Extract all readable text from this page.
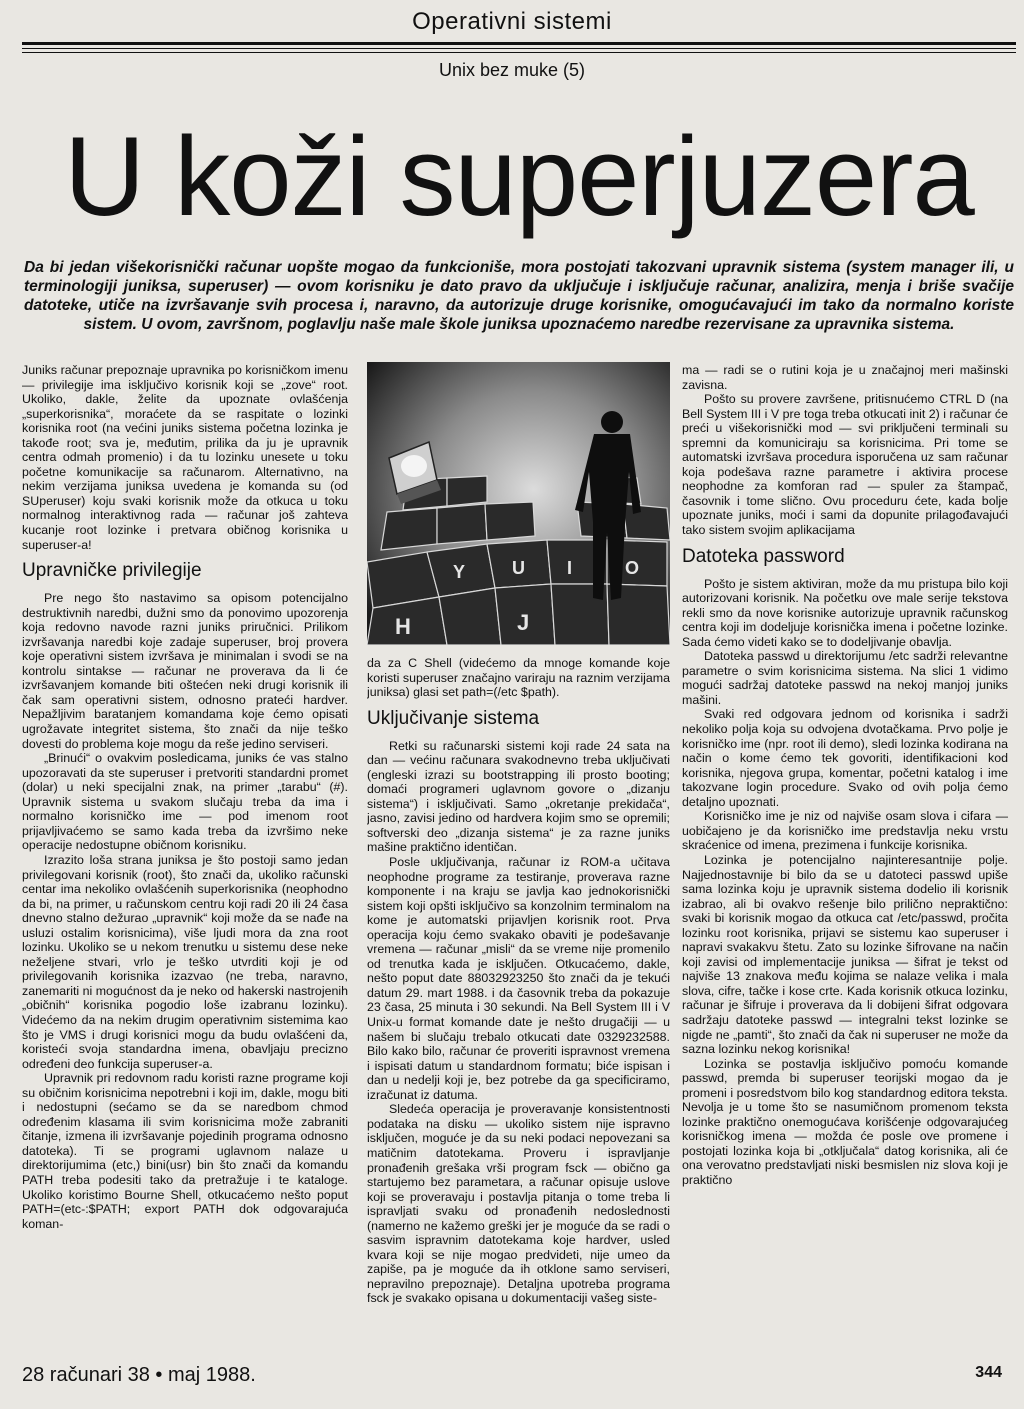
Operativni sistemi
Unix bez muke (5)
U koži superjuzera
Da bi jedan višekorisnički računar uopšte mogao da funkcioniše, mora postojati takozvani upravnik sistema (system manager ili, u terminologiji juniksa, superuser) — ovom korisniku je dato pravo da uključuje i isključuje računar, analizira, menja i briše svačije datoteke, utiče na izvršavanje svih procesa i, naravno, da autorizuje druge korisnike, omogućavajući im tako da normalno koriste sistem. U ovom, završnom, poglavlju naše male škole juniksa upoznaćemo naredbe rezervisane za upravnika sistema.

Juniks računar prepoznaje upravnika po korisničkom imenu — privilegije ima isključivo korisnik koji se „zove“ root. Ukoliko, dakle, želite da upoznate ovlašćenja „superkorisnika“, moraćete da se raspitate o lozinki korisnika root (na većini juniks sistema početna lozinka je takođe root; sva je, međutim, prilika da ju je upravnik centra odmah promenio) i da tu lozinku unesete u toku početne komunikacije sa računarom. Alternativno, na nekim verzijama juniksa uvedena je komanda su (od SUperuser) koju svaki korisnik može da otkuca u toku normalnog interaktivnog rada — računar još zahteva kucanje root lozinke i pretvara običnog korisnika u superuser-a!

Upravničke privilegije

Pre nego što nastavimo sa opisom potencijalno destruktivnih naredbi, dužni smo da ponovimo upozorenja koja redovno navode razni juniks priručnici. Prilikom izvršavanja naredbi koje zadaje superuser, broj provera koje operativni sistem izvršava je minimalan i svodi se na kontrolu sintakse — računar ne proverava da li će izvršavanjem komande biti oštećen neki drugi korisnik ili čak sam operativni sistem, odnosno prateći hardver. Nepažljivim baratanjem komandama koje ćemo opisati ugrožavate integritet sistema, što znači da nije teško dovesti do problema koje mogu da reše jedino serviseri.

„Brinući“ o ovakvim posledicama, juniks će vas stalno upozoravati da ste superuser i pretvoriti standardni promet (dolar) u neki specijalni znak, na primer „tarabu“ (#). Upravnik sistema u svakom slučaju treba da ima i normalno korisničko ime — pod imenom root prijavljivaćemo se samo kada treba da izvršimo neke operacije nedostupne običnom korisniku.

Izrazito loša strana juniksa je što postoji samo jedan privilegovani korisnik (root), što znači da, ukoliko računski centar ima nekoliko ovlašćenih superkorisnika (neophodno da bi, na primer, u računskom centru koji radi 20 ili 24 časa dnevno stalno dežurao „upravnik“ koji može da se nađe na usluzi ostalim korisnicima), više ljudi mora da zna root lozinku. Ukoliko se u nekom trenutku u sistemu dese neke neželjene stvari, vrlo je teško utvrditi koji je od privilegovanih korisnika izazvao (ne treba, naravno, zanemariti ni mogućnost da je neko od hakerski nastrojenih „običnih“ korisnika pogodio loše izabranu lozinku). Videćemo da na nekim drugim operativnim sistemima kao što je VMS i drugi korisnici mogu da budu ovlašćeni da, koristeći svoja standardna imena, obavljaju precizno određeni deo funkcija superuser-a.

Upravnik pri redovnom radu koristi razne programe koji su običnim korisnicima nepotrebni i koji im, dakle, mogu biti i nedostupni (sećamo se da se naredbom chmod određenim klasama ili svim korisnicima može zabraniti čitanje, izmena ili izvršavanje pojedinih programa odnosno datoteka). Ti se programi uglavnom nalaze u direktorijumima (etc,) bini(usr) bin što znači da komandu PATH treba podesiti tako da pretražuje i te kataloge. Ukoliko koristimo Bourne Shell, otkucaćemo nešto poput PATH=(etc-:$PATH; export PATH dok odgovarajuća koman-

H	J
Y	U I	O

da za C Shell (videćemo da mnoge komande koje koristi superuser značajno variraju na raznim verzijama juniksa) glasi set path=(/etc $path).

Uključivanje sistema

Retki su računarski sistemi koji rade 24 sata na dan — većinu računara svakodnevno treba uključivati (engleski izrazi su bootstrapping ili prosto booting; domaći programeri uglavnom govore o „dizanju sistema“) i isključivati. Samo „okretanje prekidača“, jasno, zavisi jedino od hardvera kojim smo se opremili; softverski deo „dizanja sistema“ je za razne juniks mašine praktično identičan.

Posle uključivanja, računar iz ROM-a učitava neophodne programe za testiranje, proverava razne komponente i na kraju se javlja kao jednokorisnički sistem koji opšti isključivo sa konzolnim terminalom na kome je automatski prijavljen korisnik root. Prva operacija koju ćemo svakako obaviti je podešavanje vremena — računar „misli“ da se vreme nije promenilo od trenutka kada je isključen. Otkucaćemo, dakle, nešto poput date 88032923250 što znači da je tekući datum 29. mart 1988. i da časovnik treba da pokazuje 23 časa, 25 minuta i 30 sekundi. Na Bell System III i V Unix-u format komande date je nešto drugačiji — u našem bi slučaju trebalo otkucati date 0329232588. Bilo kako bilo, računar će proveriti ispravnost vremena i ispisati datum u standardnom formatu; biće ispisan i dan u nedelji koji je, bez potrebe da ga specificiramo, izračunat iz datuma.

Sledeća operacija je proveravanje konsistentnosti podataka na disku — ukoliko sistem nije ispravno isključen, moguće je da su neki podaci nepovezani sa matičnim datotekama. Proveru i ispravljanje pronađenih grešaka vrši program fsck — obično ga startujemo bez parametara, a računar opisuje uslove koji se proveravaju i postavlja pitanja o tome treba li ispravljati svaku od pronađenih nedoslednosti (namerno ne kažemo greški jer je moguće da se radi o sasvim ispravnim datotekama koje hardver, usled kvara koji se nije mogao predvideti, nije umeo da zapiše, pa je moguće da ih otklone samo serviseri, nepravilno prepoznaje). Detaljna upotreba programa fsck je svakako opisana u dokumentaciji vašeg siste-

ma — radi se o rutini koja je u značajnoj meri mašinski zavisna.

Pošto su provere završene, pritisnućemo CTRL D (na Bell System III i V pre toga treba otkucati init 2) i računar će preći u višekorisnički mod — svi priključeni terminali su spremni da komuniciraju sa korisnicima. Pri tome se automatski izvršava procedura isporučena uz sam računar koja podešava razne parametre i aktivira procese neophodne za komforan rad — spuler za štampač, časovnik i tome slično. Ovu proceduru ćete, kada bolje upoznate juniks, moći i sami da dopunite prilagođavajući tako sistem svojim aplikacijama

Datoteka password

Pošto je sistem aktiviran, može da mu pristupa bilo koji autorizovani korisnik. Na početku ove male serije tekstova rekli smo da nove korisnike autorizuje upravnik računskog centra koji im dodeljuje korisnička imena i početne lozinke. Sada ćemo videti kako se to dodeljivanje obavlja.

Datoteka passwd u direktorijumu /etc sadrži relevantne parametre o svim korisnicima sistema. Na slici 1 vidimo mogući sadržaj datoteke passwd na nekoj manjoj juniks mašini.

Svaki red odgovara jednom od korisnika i sadrži nekoliko polja koja su odvojena dvotačkama. Prvo polje je korisničko ime (npr. root ili demo), sledi lozinka kodirana na način o kome ćemo tek govoriti, identifikacioni kod korisnika, njegova grupa, komentar, početni katalog i ime takozvane login procedure. Svako od ovih polja ćemo detaljno upoznati.

Korisničko ime je niz od najviše osam slova i cifara — uobičajeno je da korisničko ime predstavlja neku vrstu skraćenice od imena, prezimena i funkcije korisnika.

Lozinka je potencijalno najinteresantnije polje. Najjednostavnije bi bilo da se u datoteci passwd upiše sama lozinka koju je upravnik sistema dodelio ili korisnik izabrao, ali bi ovakvo rešenje bilo prilično nepraktično: svaki bi korisnik mogao da otkuca cat /etc/passwd, pročita lozinku root korisnika, prijavi se sistemu kao superuser i napravi svakakvu štetu. Zato su lozinke šifrovane na način koji zavisi od implementacije juniksa — šifrat je tekst od najviše 13 znakova među kojima se nalaze velika i mala slova, cifre, tačke i kose crte. Kada korisnik otkuca lozinku, računar je šifruje i proverava da li dobijeni šifrat odgovara sadržaju datoteke passwd — integralni tekst lozinke se nigde ne „pamti“, što znači da čak ni superuser ne može da sazna lozinku nekog korisnika!

Lozinka se postavlja isključivo pomoću komande passwd, premda bi superuser teorijski mogao da je promeni i posredstvom bilo kog standardnog editora teksta. Nevolja je u tome što se nasumičnom promenom teksta lozinke praktično onemogućava korišćenje odgovarajućeg korisničkog imena — možda će posle ove promene i postojati lozinka koja bi „otključala“ datog korisnika, ali će ona verovatno predstavljati niski besmislen niz slova koji je praktično

28 računari 38 • maj 1988.	344
